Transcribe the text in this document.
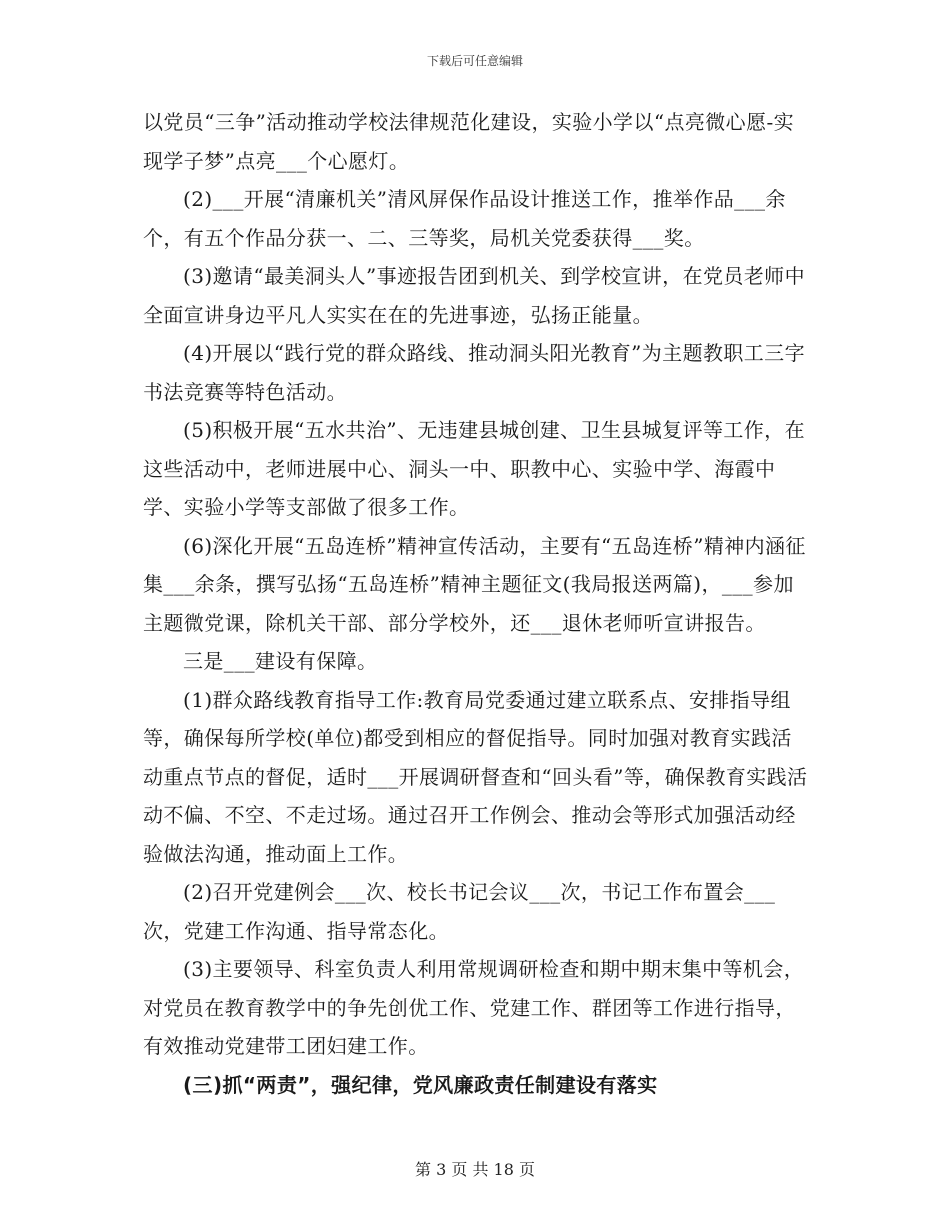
下载后可任意编辑

以党员“三争”活动推动学校法律规范化建设，实验小学以“点亮微心愿-实现学子梦”点亮___个心愿灯。

(2)___开展“清廉机关”清风屏保作品设计推送工作，推举作品___余个，有五个作品分获一、二、三等奖，局机关党委获得___奖。

(3)邀请“最美洞头人”事迹报告团到机关、到学校宣讲，在党员老师中全面宣讲身边平凡人实实在在的先进事迹，弘扬正能量。

(4)开展以“践行党的群众路线、推动洞头阳光教育”为主题教职工三字书法竞赛等特色活动。

(5)积极开展“五水共治”、无违建县城创建、卫生县城复评等工作，在这些活动中，老师进展中心、洞头一中、职教中心、实验中学、海霞中学、实验小学等支部做了很多工作。

(6)深化开展“五岛连桥”精神宣传活动，主要有“五岛连桥”精神内涵征集___余条，撰写弘扬“五岛连桥”精神主题征文(我局报送两篇)，___参加主题微党课，除机关干部、部分学校外，还___退休老师听宣讲报告。

三是___建设有保障。

(1)群众路线教育指导工作:教育局党委通过建立联系点、安排指导组等，确保每所学校(单位)都受到相应的督促指导。同时加强对教育实践活动重点节点的督促，适时___开展调研督查和“回头看”等，确保教育实践活动不偏、不空、不走过场。通过召开工作例会、推动会等形式加强活动经验做法沟通，推动面上工作。

(2)召开党建例会___次、校长书记会议___次，书记工作布置会___次，党建工作沟通、指导常态化。

(3)主要领导、科室负责人利用常规调研检查和期中期末集中等机会，对党员在教育教学中的争先创优工作、党建工作、群团等工作进行指导，有效推动党建带工团妇建工作。

(三)抓“两责”，强纪律，党风廉政责任制建设有落实

第 3 页 共 18 页
